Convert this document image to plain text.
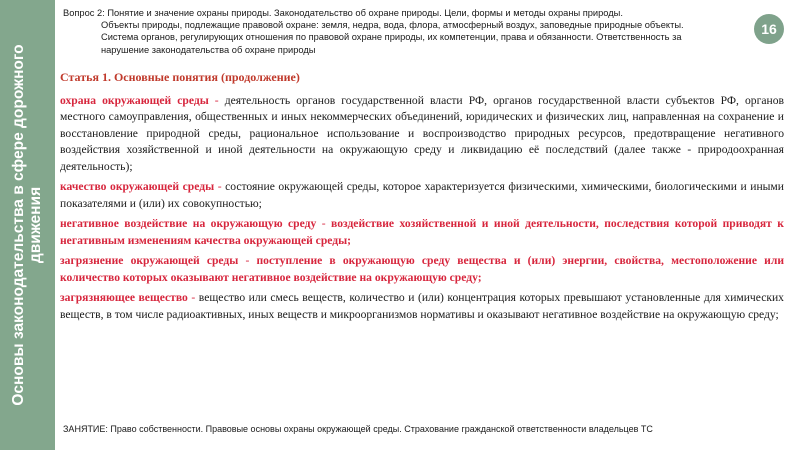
Основы законодательства в сфере дорожного движения
Вопрос 2: Понятие и значение охраны природы. Законодательство об охране природы. Цели, формы и методы охраны природы.
Объекты природы, подлежащие правовой охране: земля, недра, вода, флора, атмосферный воздух, заповедные природные объекты. Система органов, регулирующих отношения по правовой охране природы, их компетенции, права и обязанности. Ответственность за нарушение законодательства об охране природы
16
Статья 1. Основные понятия (продолжение)

охрана окружающей среды - деятельность органов государственной власти РФ, органов государственной власти субъектов РФ, органов местного самоуправления, общественных и иных некоммерческих объединений, юридических и физических лиц, направленная на сохранение и восстановление природной среды, рациональное использование и воспроизводство природных ресурсов, предотвращение негативного воздействия хозяйственной и иной деятельности на окружающую среду и ликвидацию её последствий (далее также - природоохранная деятельность);

качество окружающей среды - состояние окружающей среды, которое характеризуется физическими, химическими, биологическими и иными показателями и (или) их совокупностью;

негативное воздействие на окружающую среду - воздействие хозяйственной и иной деятельности, последствия которой приводят к негативным изменениям качества окружающей среды;

загрязнение окружающей среды - поступление в окружающую среду вещества и (или) энергии, свойства, местоположение или количество которых оказывают негативное воздействие на окружающую среду;

загрязняющее вещество - вещество или смесь веществ, количество и (или) концентрация которых превышают установленные для химических веществ, в том числе радиоактивных, иных веществ и микроорганизмов нормативы и оказывают негативное воздействие на окружающую среду;

ЗАНЯТИЕ: Право собственности. Правовые основы охраны окружающей среды. Страхование гражданской ответственности владельцев ТС
